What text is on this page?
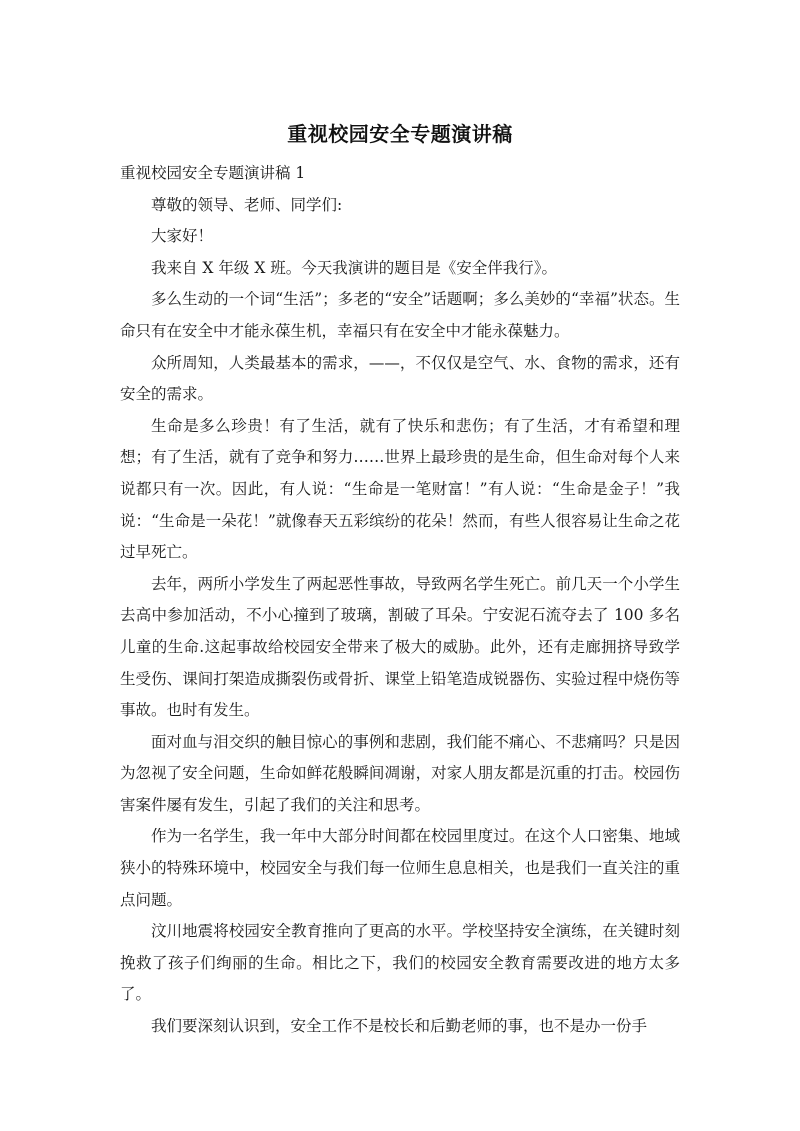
重视校园安全专题演讲稿

重视校园安全专题演讲稿 1

尊敬的领导、老师、同学们:

大家好！

我来自 X 年级 X 班。今天我演讲的题目是《安全伴我行》。

多么生动的一个词“生活”；多老的“安全”话题啊；多么美妙的“幸福”状态。生命只有在安全中才能永葆生机，幸福只有在安全中才能永葆魅力。

众所周知，人类最基本的需求，——，不仅仅是空气、水、食物的需求，还有安全的需求。

生命是多么珍贵！有了生活，就有了快乐和悲伤；有了生活，才有希望和理想；有了生活，就有了竞争和努力……世界上最珍贵的是生命，但生命对每个人来说都只有一次。因此，有人说：“生命是一笔财富！”有人说：“生命是金子！”我说：“生命是一朵花！”就像春天五彩缤纷的花朵！然而，有些人很容易让生命之花过早死亡。

去年，两所小学发生了两起恶性事故，导致两名学生死亡。前几天一个小学生去高中参加活动，不小心撞到了玻璃，割破了耳朵。宁安泥石流夺去了 100 多名儿童的生命.这起事故给校园安全带来了极大的威胁。此外，还有走廊拥挤导致学生受伤、课间打架造成撕裂伤或骨折、课堂上铅笔造成锐器伤、实验过程中烧伤等事故。也时有发生。

面对血与泪交织的触目惊心的事例和悲剧，我们能不痛心、不悲痛吗？只是因为忽视了安全问题，生命如鲜花般瞬间凋谢，对家人朋友都是沉重的打击。校园伤害案件屡有发生，引起了我们的关注和思考。

作为一名学生，我一年中大部分时间都在校园里度过。在这个人口密集、地域狭小的特殊环境中，校园安全与我们每一位师生息息相关，也是我们一直关注的重点问题。

汶川地震将校园安全教育推向了更高的水平。学校坚持安全演练，在关键时刻挽救了孩子们绚丽的生命。相比之下，我们的校园安全教育需要改进的地方太多了。

我们要深刻认识到，安全工作不是校长和后勤老师的事，也不是办一份手
